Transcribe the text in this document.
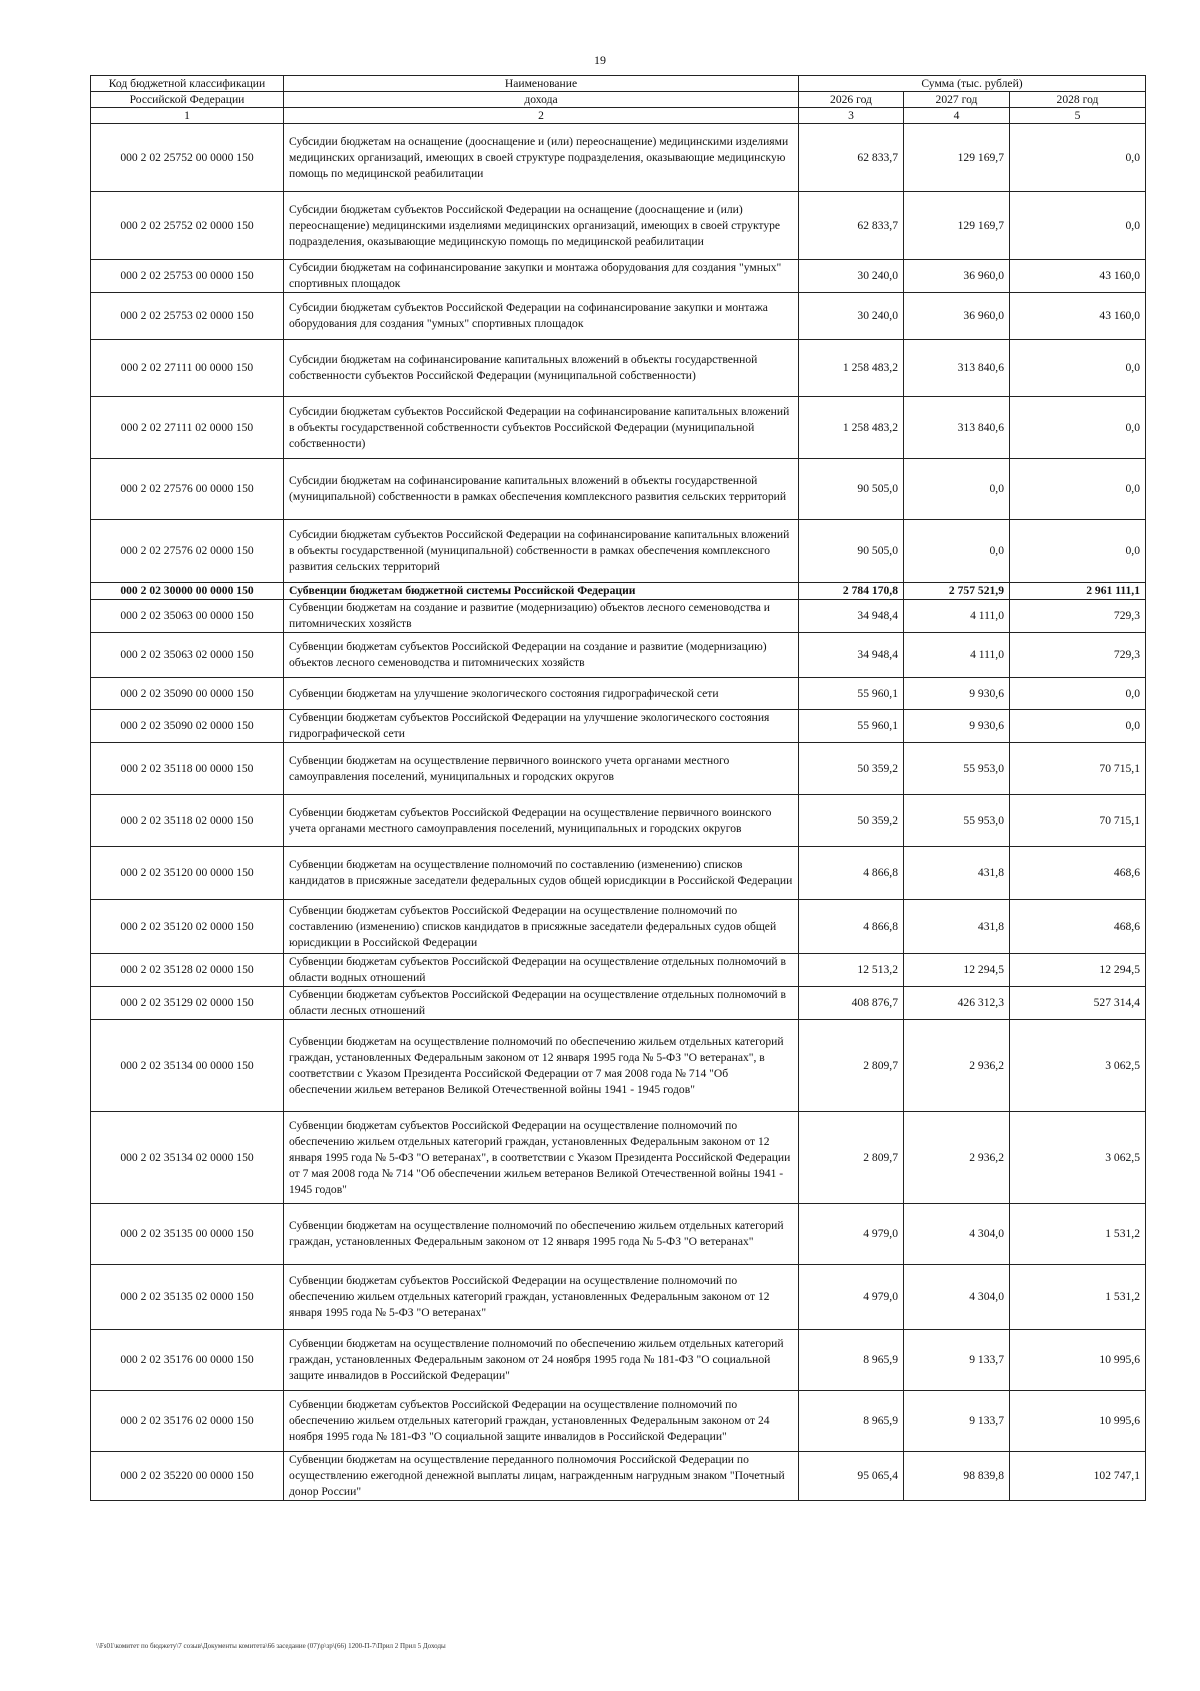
19
Код бюджетной классификации	Наименование	Сумма (тыс. рублей)		
Российской Федерации	дохода	2026 год	2027 год	2028 год
1	2	3	4	5
000 2 02 25752 00 0000 150	Субсидии бюджетам на оснащение (дооснащение и (или) переоснащение) медицинскими изделиями медицинских организаций, имеющих в своей структуре подразделения, оказывающие медицинскую помощь по медицинской реабилитации	62 833,7	129 169,7	0,0
000 2 02 25752 02 0000 150	Субсидии бюджетам субъектов Российской Федерации на оснащение (дооснащение и (или) переоснащение) медицинскими изделиями медицинских организаций, имеющих в своей структуре подразделения, оказывающие медицинскую помощь по медицинской реабилитации	62 833,7	129 169,7	0,0
000 2 02 25753 00 0000 150	Субсидии бюджетам на софинансирование закупки и монтажа оборудования для создания "умных" спортивных площадок	30 240,0	36 960,0	43 160,0
000 2 02 25753 02 0000 150	Субсидии бюджетам субъектов Российской Федерации на софинансирование закупки и монтажа оборудования для создания "умных" спортивных площадок	30 240,0	36 960,0	43 160,0
000 2 02 27111 00 0000 150	Субсидии бюджетам на софинансирование капитальных вложений в объекты государственной собственности субъектов Российской Федерации (муниципальной собственности)	1 258 483,2	313 840,6	0,0
000 2 02 27111 02 0000 150	Субсидии бюджетам субъектов Российской Федерации на софинансирование капитальных вложений в объекты государственной собственности субъектов Российской Федерации (муниципальной собственности)	1 258 483,2	313 840,6	0,0
000 2 02 27576 00 0000 150	Субсидии бюджетам на софинансирование капитальных вложений в объекты государственной (муниципальной) собственности в рамках обеспечения комплексного развития сельских территорий	90 505,0	0,0	0,0
000 2 02 27576 02 0000 150	Субсидии бюджетам субъектов Российской Федерации на софинансирование капитальных вложений в объекты государственной (муниципальной) собственности в рамках обеспечения комплексного развития сельских территорий	90 505,0	0,0	0,0
000 2 02 30000 00 0000 150	Субвенции бюджетам бюджетной системы Российской Федерации	2 784 170,8	2 757 521,9	2 961 111,1
000 2 02 35063 00 0000 150	Субвенции бюджетам на создание и развитие (модернизацию) объектов лесного семеноводства и питомнических хозяйств	34 948,4	4 111,0	729,3
000 2 02 35063 02 0000 150	Субвенции бюджетам субъектов Российской Федерации на создание и развитие (модернизацию) объектов лесного семеноводства и питомнических хозяйств	34 948,4	4 111,0	729,3
000 2 02 35090 00 0000 150	Субвенции бюджетам на улучшение экологического состояния гидрографической сети	55 960,1	9 930,6	0,0
000 2 02 35090 02 0000 150	Субвенции бюджетам субъектов Российской Федерации на улучшение экологического состояния гидрографической сети	55 960,1	9 930,6	0,0
000 2 02 35118 00 0000 150	Субвенции бюджетам на осуществление первичного воинского учета органами местного самоуправления поселений, муниципальных и городских округов	50 359,2	55 953,0	70 715,1
000 2 02 35118 02 0000 150	Субвенции бюджетам субъектов Российской Федерации на осуществление первичного воинского учета органами местного самоуправления поселений, муниципальных и городских округов	50 359,2	55 953,0	70 715,1
000 2 02 35120 00 0000 150	Субвенции бюджетам на осуществление полномочий по составлению (изменению) списков кандидатов в присяжные заседатели федеральных судов общей юрисдикции в Российской Федерации	4 866,8	431,8	468,6
000 2 02 35120 02 0000 150	Субвенции бюджетам субъектов Российской Федерации на осуществление полномочий по составлению (изменению) списков кандидатов в присяжные заседатели федеральных судов общей юрисдикции в Российской Федерации	4 866,8	431,8	468,6
000 2 02 35128 02 0000 150	Субвенции бюджетам субъектов Российской Федерации на осуществление отдельных полномочий в области водных отношений	12 513,2	12 294,5	12 294,5
000 2 02 35129 02 0000 150	Субвенции бюджетам субъектов Российской Федерации на осуществление отдельных полномочий в области лесных отношений	408 876,7	426 312,3	527 314,4
000 2 02 35134 00 0000 150	Субвенции бюджетам на осуществление полномочий по обеспечению жильем отдельных категорий граждан, установленных Федеральным законом от 12 января 1995 года № 5-ФЗ "О ветеранах", в соответствии с Указом Президента Российской Федерации от 7 мая 2008 года № 714 "Об обеспечении жильем ветеранов Великой Отечественной войны 1941 - 1945 годов"	2 809,7	2 936,2	3 062,5
000 2 02 35134 02 0000 150	Субвенции бюджетам субъектов Российской Федерации на осуществление полномочий по обеспечению жильем отдельных категорий граждан, установленных Федеральным законом от 12 января 1995 года № 5-ФЗ "О ветеранах", в соответствии с Указом Президента Российской Федерации от 7 мая 2008 года № 714 "Об обеспечении жильем ветеранов Великой Отечественной войны 1941 - 1945 годов"	2 809,7	2 936,2	3 062,5
000 2 02 35135 00 0000 150	Субвенции бюджетам на осуществление полномочий по обеспечению жильем отдельных категорий граждан, установленных Федеральным законом от 12 января 1995 года № 5-ФЗ "О ветеранах"	4 979,0	4 304,0	1 531,2
000 2 02 35135 02 0000 150	Субвенции бюджетам субъектов Российской Федерации на осуществление полномочий по обеспечению жильем отдельных категорий граждан, установленных Федеральным законом от 12 января 1995 года № 5-ФЗ "О ветеранах"	4 979,0	4 304,0	1 531,2
000 2 02 35176 00 0000 150	Субвенции бюджетам на осуществление полномочий по обеспечению жильем отдельных категорий граждан, установленных Федеральным законом от 24 ноября 1995 года № 181-ФЗ "О социальной защите инвалидов в Российской Федерации"	8 965,9	9 133,7	10 995,6
000 2 02 35176 02 0000 150	Субвенции бюджетам субъектов Российской Федерации на осуществление полномочий по обеспечению жильем отдельных категорий граждан, установленных Федеральным законом от 24 ноября 1995 года № 181-ФЗ "О социальной защите инвалидов в Российской Федерации"	8 965,9	9 133,7	10 995,6
000 2 02 35220 00 0000 150	Субвенции бюджетам на осуществление переданного полномочия Российской Федерации по осуществлению ежегодной денежной выплаты лицам, награжденным нагрудным знаком "Почетный донор России"	95 065,4	98 839,8	102 747,1
\\Fs01\комитет по бюджету\7 созыв\Документы комитета\66 заседание (07)\р\зр\(66) 1200-П-7\Прил 2 Прил 5 Доходы
